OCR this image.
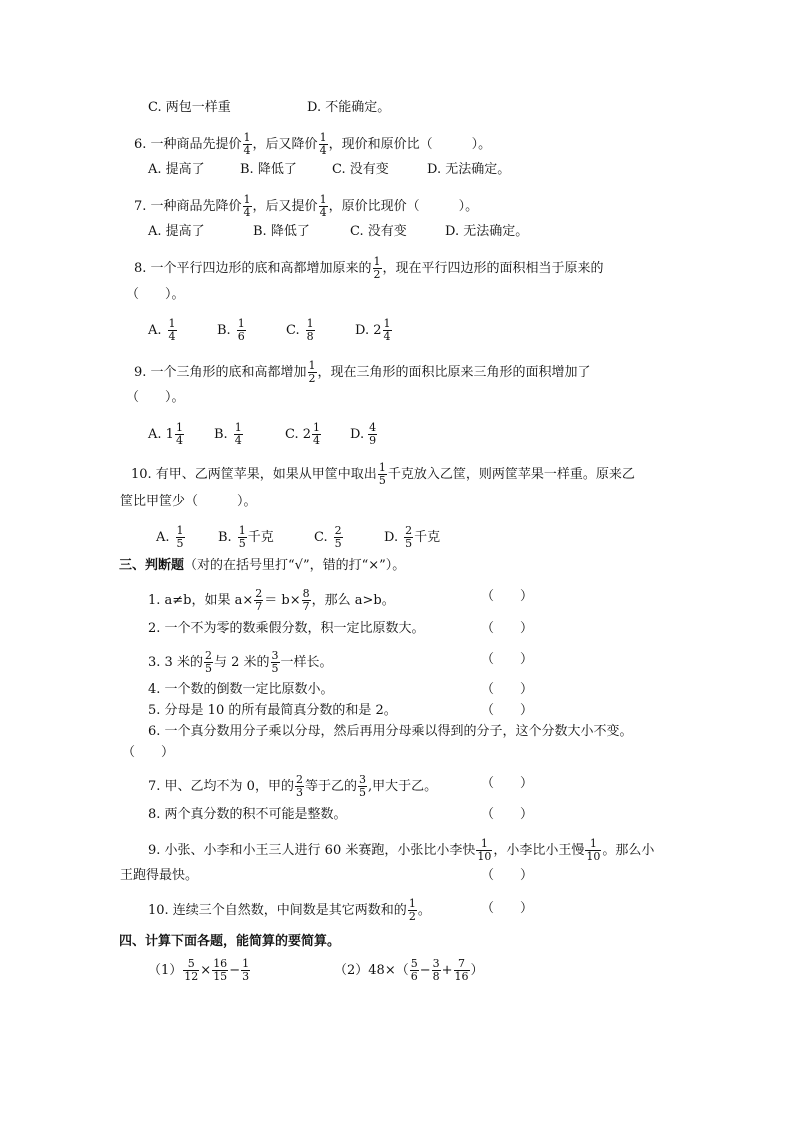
C. 两包一样重	D. 不能确定。
6. 一种商品先提价 $\frac{1}{4}$ ，后又降价 $\frac{1}{4}$ ，现价和原价比（　　　）。
A. 提高了	B. 降低了	C. 没有变	D. 无法确定。
7. 一种商品先降价 $\frac{1}{4}$ ，后又提价 $\frac{1}{4}$ ，原价比现价（　　　）。
A. 提高了	B. 降低了	C. 没有变	D. 无法确定。
8. 一个平行四边形的底和高都增加原来的 $\frac{1}{2}$ ，现在平行四边形的面积相当于原来的
（　　）。
A. $\frac{1}{4}$	B. $\frac{1}{6}$	C. $\frac{1}{8}$	D. $2 \frac{1}{4}$
9. 一个三角形的底和高都增加 $\frac{1}{2}$ ，现在三角形的面积比原来三角形的面积增加了
（　　）。
A. $1 \frac{1}{4} B$. $\frac{1}{4}$	C. $2 \frac{1}{4} D$. $\frac{4}{9}$
10. 有甲、乙两筐苹果，如果从甲筐中取出 $\frac{1}{5}$ 千克放入乙筐，则两筐苹果一样重。原来乙
筐比甲筐少（　　　）。
A. $\frac{1}{5}$	B. $\frac{1}{5}$ 千克	C. $\frac{2}{5}$	D. $\frac{2}{5}$ 千克
三、判断题（对的在括号里打“√”，错的打“×”）。
1. a≠b，如果 $a\times \frac{2}{7} = b\times \frac{8}{7}$ ，那么 a>b。	（　　）
2. 一个不为零的数乘假分数，积一定比原数大。	（　　）
3. 3 米的 $\frac{2}{5}$ 与 2 米的 $\frac{3}{5}$ 一样长。	（　　）
4. 一个数的倒数一定比原数小。	（　　）
5. 分母是 10 的所有最简真分数的和是 2。	（　　）
6. 一个真分数用分子乘以分母，然后再用分母乘以得到的分子，这个分数大小不变。
（　　）
7. 甲、乙均不为 0，甲的 $\frac{2}{3}$ 等于乙的 $\frac{3}{5}$ ,甲大于乙。	（　　）
8. 两个真分数的积不可能是整数。	（　　）
9. 小张、小李和小王三人进行 60 米赛跑，小张比小李快 $\frac{1}{10}$ ，小李比小王慢 $\frac{1}{10}$ 。那么小
王跑得最快。	（　　）
10. 连续三个自然数，中间数是其它两数和的 $\frac{1}{2}$ 。	（　　）
四、计算下面各题，能简算的要简算。
$(1) \frac{5}{12} \times \frac{16}{15} - \frac{1}{3}$	$(2)48\times( \frac{5}{6} - \frac{3}{8} + \frac{7}{16}$ ）
